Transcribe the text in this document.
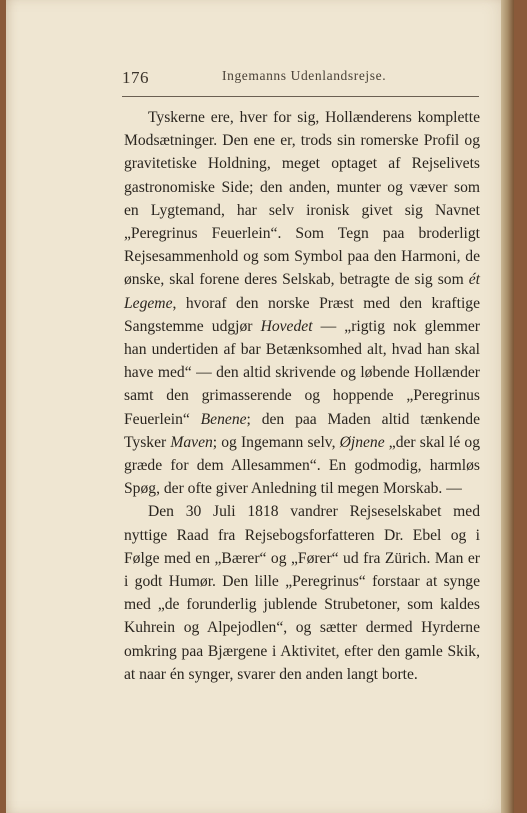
176	Ingemanns Udenlandsrejse.

Tyskerne ere, hver for sig, Hollænderens komplette Modsætninger. Den ene er, trods sin romerske Profil og gravitetiske Holdning, meget optaget af Rejselivets gastronomiske Side; den anden, munter og væver som en Lygtemand, har selv ironisk givet sig Navnet „Peregrinus Feuerlein“. Som Tegn paa broderligt Rejsesammenhold og som Symbol paa den Harmoni, de ønske, skal forene deres Selskab, betragte de sig som ét Legeme, hvoraf den norske Præst med den kraftige Sangstemme udgjør Hovedet — „rigtig nok glemmer han undertiden af bar Betænksomhed alt, hvad han skal have med“ — den altid skrivende og løbende Hollænder samt den grimasserende og hoppende „Peregrinus Feuerlein“ Benene; den paa Maden altid tænkende Tysker Maven; og Ingemann selv, Øjnene „der skal lé og græde for dem Allesammen“. En godmodig, harmløs Spøg, der ofte giver Anledning til megen Morskab. —

Den 30 Juli 1818 vandrer Rejseselskabet med nyttige Raad fra Rejsebogsforfatteren Dr. Ebel og i Følge med en „Bærer“ og „Fører“ ud fra Zürich. Man er i godt Humør. Den lille „Peregrinus“ forstaar at synge med „de forunderlig jublende Strubetoner, som kaldes Kuhrein og Alpejodlen“, og sætter dermed Hyrderne omkring paa Bjærgene i Aktivitet, efter den gamle Skik, at naar én synger, svarer den anden langt borte.
